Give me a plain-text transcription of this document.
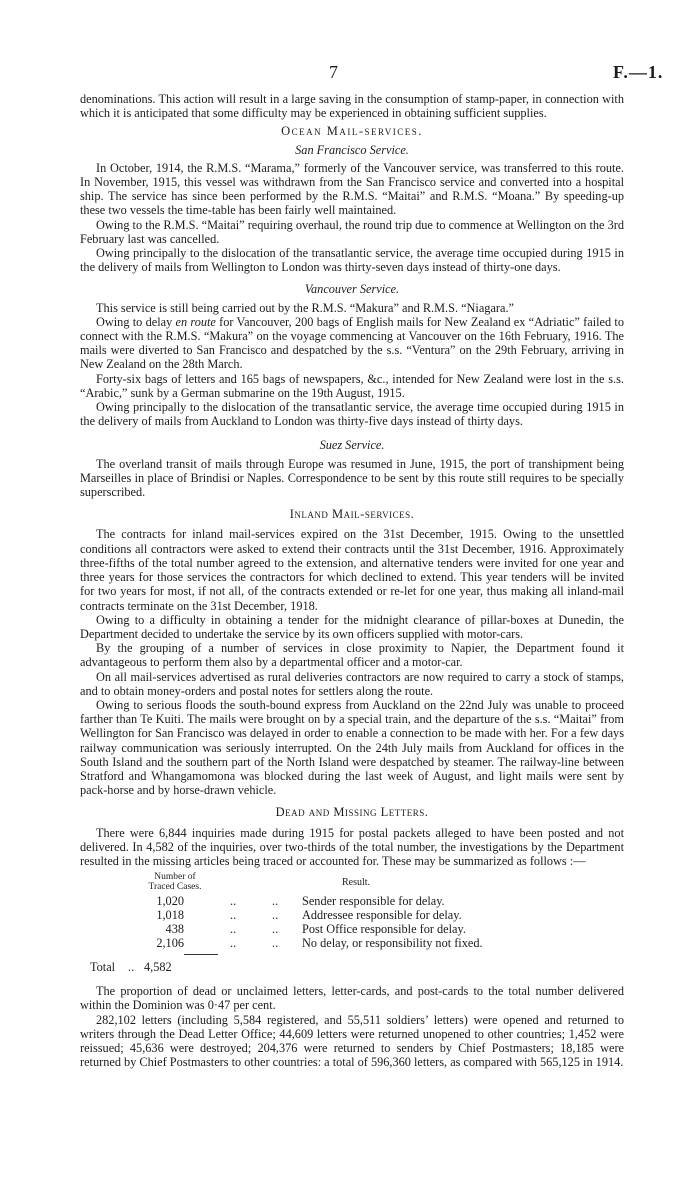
7	F.—1.

denominations. This action will result in a large saving in the consumption of stamp-paper, in connection with which it is anticipated that some difficulty may be experienced in obtaining sufficient supplies.

Ocean Mail-services.
San Francisco Service.

In October, 1914, the R.M.S. “Marama,” formerly of the Vancouver service, was transferred to this route. In November, 1915, this vessel was withdrawn from the San Francisco service and converted into a hospital ship. The service has since been performed by the R.M.S. “Maitai” and R.M.S. “Moana.” By speeding-up these two vessels the time-table has been fairly well maintained.

Owing to the R.M.S. “Maitai” requiring overhaul, the round trip due to commence at Wellington on the 3rd February last was cancelled.

Owing principally to the dislocation of the transatlantic service, the average time occupied during 1915 in the delivery of mails from Wellington to London was thirty-seven days instead of thirty-one days.

Vancouver Service.

This service is still being carried out by the R.M.S. “Makura” and R.M.S. “Niagara.”

Owing to delay en route for Vancouver, 200 bags of English mails for New Zealand ex “Adriatic” failed to connect with the R.M.S. “Makura” on the voyage commencing at Vancouver on the 16th February, 1916. The mails were diverted to San Francisco and despatched by the s.s. “Ventura” on the 29th February, arriving in New Zealand on the 28th March.

Forty-six bags of letters and 165 bags of newspapers, &c., intended for New Zealand were lost in the s.s. “Arabic,” sunk by a German submarine on the 19th August, 1915.

Owing principally to the dislocation of the transatlantic service, the average time occupied during 1915 in the delivery of mails from Auckland to London was thirty-five days instead of thirty days.

Suez Service.

The overland transit of mails through Europe was resumed in June, 1915, the port of transhipment being Marseilles in place of Brindisi or Naples. Correspondence to be sent by this route still requires to be specially superscribed.

Inland Mail-services.

The contracts for inland mail-services expired on the 31st December, 1915. Owing to the unsettled conditions all contractors were asked to extend their contracts until the 31st December, 1916. Approximately three-fifths of the total number agreed to the extension, and alternative tenders were invited for one year and three years for those services the contractors for which declined to extend. This year tenders will be invited for two years for most, if not all, of the contracts extended or re-let for one year, thus making all inland-mail contracts terminate on the 31st December, 1918.

Owing to a difficulty in obtaining a tender for the midnight clearance of pillar-boxes at Dunedin, the Department decided to undertake the service by its own officers supplied with motor-cars.

By the grouping of a number of services in close proximity to Napier, the Department found it advantageous to perform them also by a departmental officer and a motor-car.

On all mail-services advertised as rural deliveries contractors are now required to carry a stock of stamps, and to obtain money-orders and postal notes for settlers along the route.

Owing to serious floods the south-bound express from Auckland on the 22nd July was unable to proceed farther than Te Kuiti. The mails were brought on by a special train, and the departure of the s.s. “Maitai” from Wellington for San Francisco was delayed in order to enable a connection to be made with her. For a few days railway communication was seriously interrupted. On the 24th July mails from Auckland for offices in the South Island and the southern part of the North Island were despatched by steamer. The railway-line between Stratford and Whangamomona was blocked during the last week of August, and light mails were sent by pack-horse and by horse-drawn vehicle.

Dead and Missing Letters.

There were 6,844 inquiries made during 1915 for postal packets alleged to have been posted and not delivered. In 4,582 of the inquiries, over two-thirds of the total number, the investigations by the Department resulted in the missing articles being traced or accounted for. These may be summarized as follows :—

Number of
Traced Cases.	Result.
1,020	..	.. Sender responsible for delay.
1,018	..	.. Addressee responsible for delay.
438	..	.. Post Office responsible for delay.
2,106	..	.. No delay, or responsibility not fixed.
Total .. 4,582

The proportion of dead or unclaimed letters, letter-cards, and post-cards to the total number delivered within the Dominion was 0·47 per cent.

282,102 letters (including 5,584 registered, and 55,511 soldiers’ letters) were opened and returned to writers through the Dead Letter Office; 44,609 letters were returned unopened to other countries; 1,452 were reissued; 45,636 were destroyed; 204,376 were returned to senders by Chief Postmasters; 18,185 were returned by Chief Postmasters to other countries: a total of 596,360 letters, as compared with 565,125 in 1914.
